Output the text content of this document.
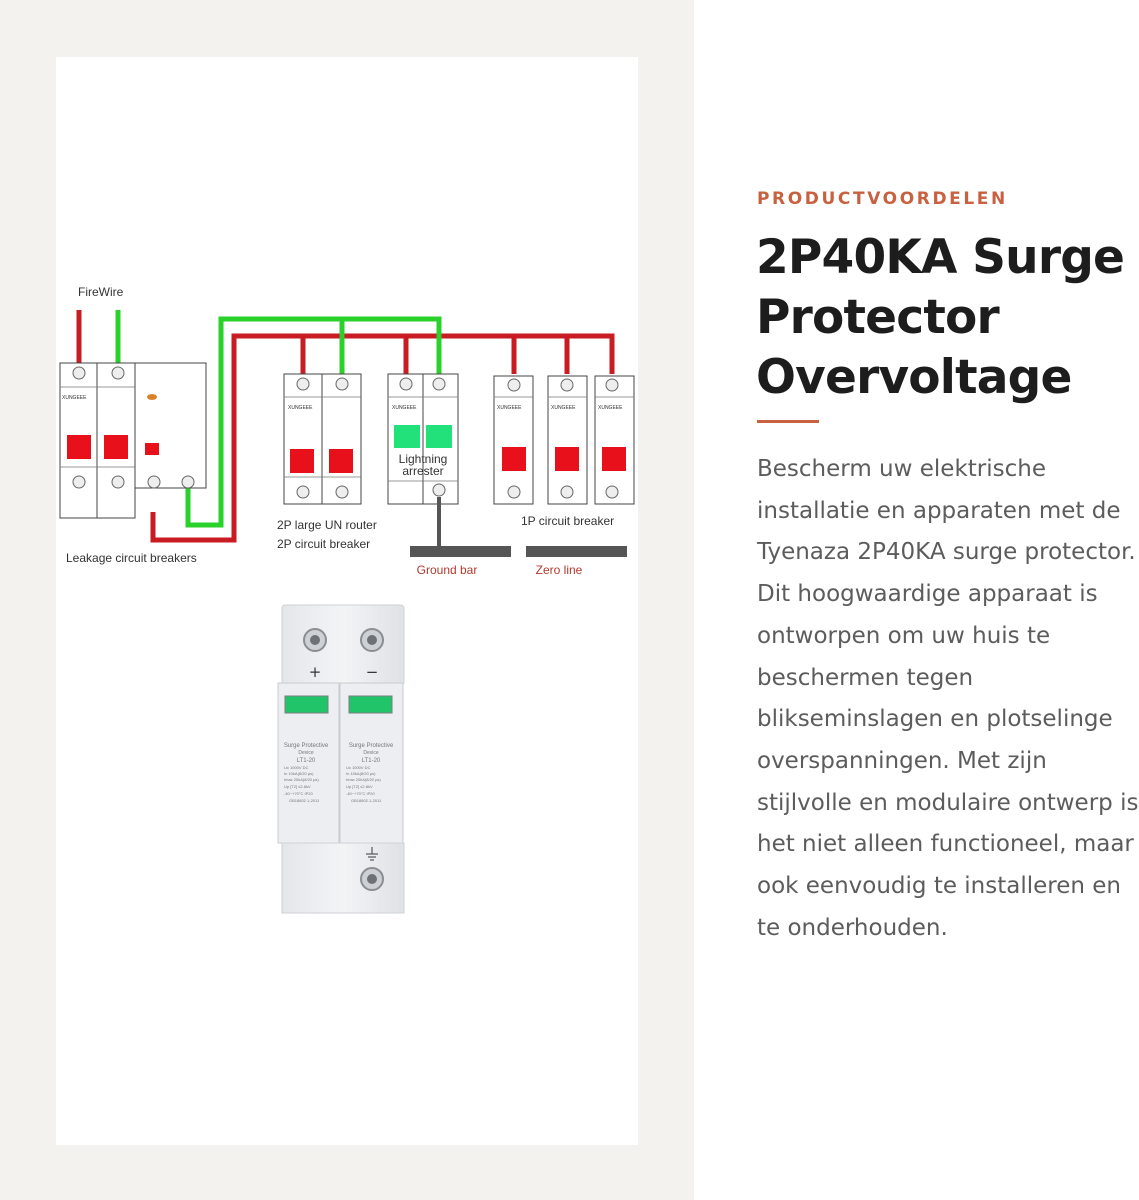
FireWire
XUNGEEE
Leakage circuit breakers
XUNGEEE
2P large UN router
2P circuit breaker
XUNGEEE
Lightning
arrester
XUNGEEE	XUNGEEE	XUNGEEE
1P circuit breaker
Ground bar	Zero line
+	−
Surge Protective
Device
LT1-20
Uc 1000V DC
In 10kA(8/20 μs)
Imax 20kA(8/20 μs)
Up [T2] ≤2.8kV
-40~+70°C IP20
GB18802.1-2011
Surge Protective
Device
LT1-20
Uc 1000V DC
In 10kA(8/20 μs)
Imax 20kA(8/20 μs)
Up [T2] ≤2.8kV
-40~+70°C IP20
GB18802.1-2011
PRODUCTVOORDELEN
2P40KA Surge Protector Overvoltage

Bescherm uw elektrische installatie en apparaten met de Tyenaza 2P40KA surge protector. Dit hoogwaardige apparaat is ontworpen om uw huis te beschermen tegen blikseminslagen en plotselinge overspanningen. Met zijn stijlvolle en modulaire ontwerp is het niet alleen functioneel, maar ook eenvoudig te installeren en te onderhouden.
